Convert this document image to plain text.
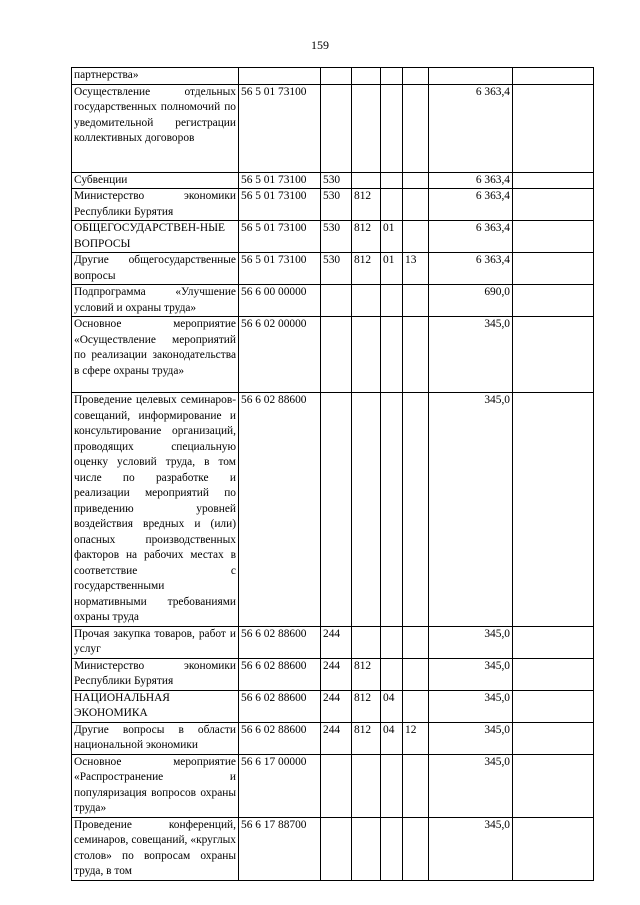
159
партнерства»							
Осуществление отдельных государственных полномочий по уведомительной регистрации коллективных договоров	56 5 01 73100					6 363,4	
Субвенции	56 5 01 73100	530				6 363,4	
Министерство экономики Республики Бурятия	56 5 01 73100	530	812			6 363,4	
ОБЩЕГОСУДАРСТВЕН-НЫЕ ВОПРОСЫ	56 5 01 73100	530	812	01		6 363,4	
Другие общегосударственные вопросы	56 5 01 73100	530	812	01	13	6 363,4	
Подпрограмма «Улучшение условий и охраны труда»	56 6 00 00000					690,0	
Основное мероприятие «Осуществление мероприятий по реализации законодательства в сфере охраны труда»	56 6 02 00000					345,0	
Проведение целевых семинаров-совещаний, информирование и консультирование организаций, проводящих специальную оценку условий труда, в том числе по разработке и реализации мероприятий по приведению уровней воздействия вредных и (или) опасных производственных факторов на рабочих местах в соответствие с государственными нормативными требованиями охраны труда	56 6 02 88600					345,0	
Прочая закупка товаров, работ и услуг	56 6 02 88600	244				345,0	
Министерство экономики Республики Бурятия	56 6 02 88600	244	812			345,0	
НАЦИОНАЛЬНАЯ ЭКОНОМИКА	56 6 02 88600	244	812	04		345,0	
Другие вопросы в области национальной экономики	56 6 02 88600	244	812	04	12	345,0	
Основное мероприятие «Распространение и популяризация вопросов охраны труда»	56 6 17 00000					345,0	
Проведение конференций, семинаров, совещаний, «круглых столов» по вопросам охраны труда, в том	56 6 17 88700					345,0	
